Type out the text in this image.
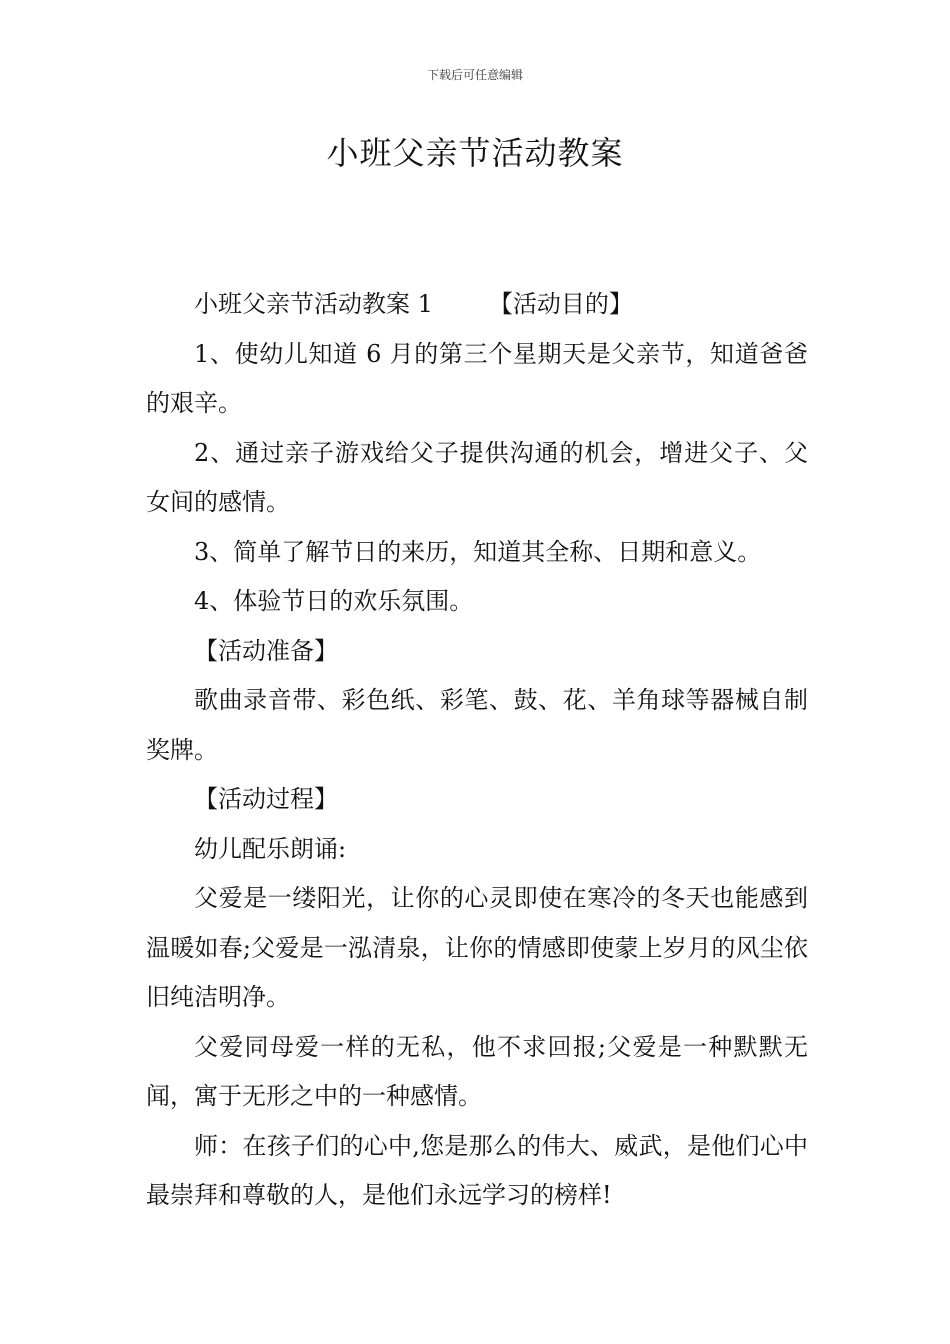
下载后可任意编辑
小班父亲节活动教案

小班父亲节活动教案 1 【活动目的】

1、使幼儿知道 6 月的第三个星期天是父亲节，知道爸爸的艰辛。

2、通过亲子游戏给父子提供沟通的机会，增进父子、父女间的感情。

3、简单了解节日的来历，知道其全称、日期和意义。

4、体验节日的欢乐氛围。

【活动准备】

歌曲录音带、彩色纸、彩笔、鼓、花、羊角球等器械自制奖牌。

【活动过程】

幼儿配乐朗诵:

父爱是一缕阳光，让你的心灵即使在寒冷的冬天也能感到温暖如春;父爱是一泓清泉，让你的情感即使蒙上岁月的风尘依旧纯洁明净。

父爱同母爱一样的无私，他不求回报;父爱是一种默默无闻，寓于无形之中的一种感情。

师：在孩子们的心中,您是那么的伟大、威武，是他们心中最崇拜和尊敬的人，是他们永远学习的榜样!
